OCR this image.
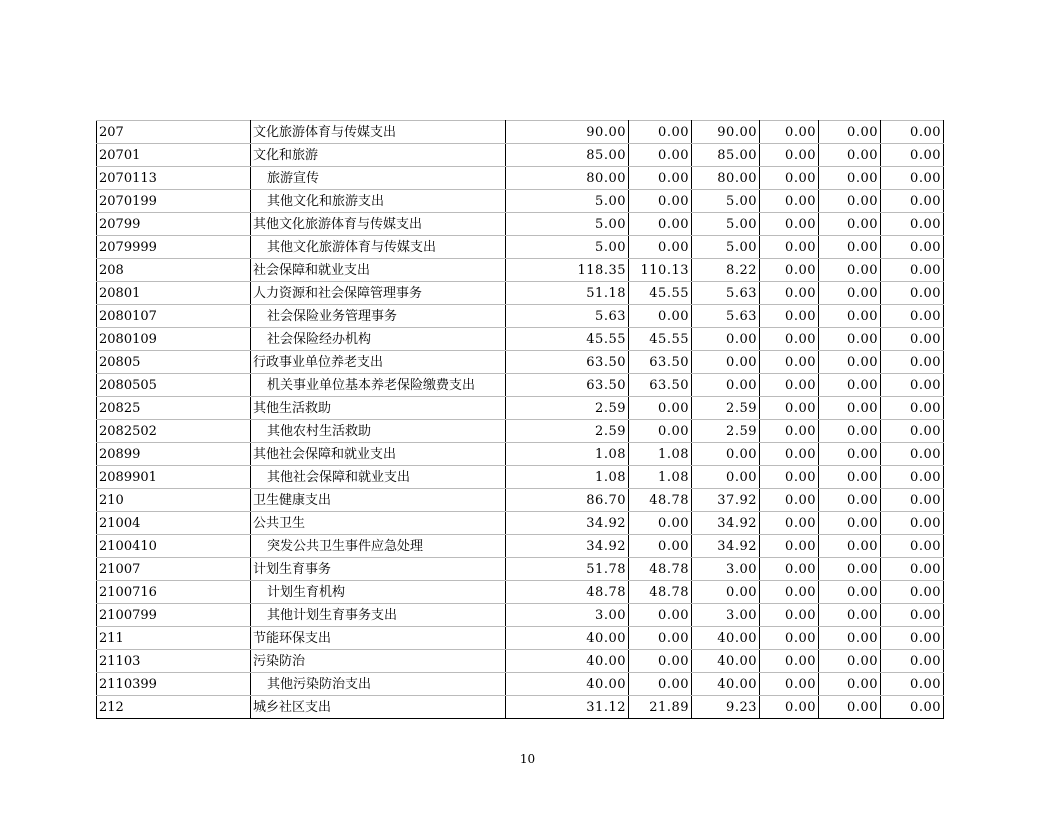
207	文化旅游体育与传媒支出	90.00	0.00	90.00	0.00	0.00	0.00
20701	文化和旅游	85.00	0.00	85.00	0.00	0.00	0.00
2070113	旅游宣传	80.00	0.00	80.00	0.00	0.00	0.00
2070199	其他文化和旅游支出	5.00	0.00	5.00	0.00	0.00	0.00
20799	其他文化旅游体育与传媒支出	5.00	0.00	5.00	0.00	0.00	0.00
2079999	其他文化旅游体育与传媒支出	5.00	0.00	5.00	0.00	0.00	0.00
208	社会保障和就业支出	118.35	110.13	8.22	0.00	0.00	0.00
20801	人力资源和社会保障管理事务	51.18	45.55	5.63	0.00	0.00	0.00
2080107	社会保险业务管理事务	5.63	0.00	5.63	0.00	0.00	0.00
2080109	社会保险经办机构	45.55	45.55	0.00	0.00	0.00	0.00
20805	行政事业单位养老支出	63.50	63.50	0.00	0.00	0.00	0.00
2080505	机关事业单位基本养老保险缴费支出	63.50	63.50	0.00	0.00	0.00	0.00
20825	其他生活救助	2.59	0.00	2.59	0.00	0.00	0.00
2082502	其他农村生活救助	2.59	0.00	2.59	0.00	0.00	0.00
20899	其他社会保障和就业支出	1.08	1.08	0.00	0.00	0.00	0.00
2089901	其他社会保障和就业支出	1.08	1.08	0.00	0.00	0.00	0.00
210	卫生健康支出	86.70	48.78	37.92	0.00	0.00	0.00
21004	公共卫生	34.92	0.00	34.92	0.00	0.00	0.00
2100410	突发公共卫生事件应急处理	34.92	0.00	34.92	0.00	0.00	0.00
21007	计划生育事务	51.78	48.78	3.00	0.00	0.00	0.00
2100716	计划生育机构	48.78	48.78	0.00	0.00	0.00	0.00
2100799	其他计划生育事务支出	3.00	0.00	3.00	0.00	0.00	0.00
211	节能环保支出	40.00	0.00	40.00	0.00	0.00	0.00
21103	污染防治	40.00	0.00	40.00	0.00	0.00	0.00
2110399	其他污染防治支出	40.00	0.00	40.00	0.00	0.00	0.00
212	城乡社区支出	31.12	21.89	9.23	0.00	0.00	0.00
10
